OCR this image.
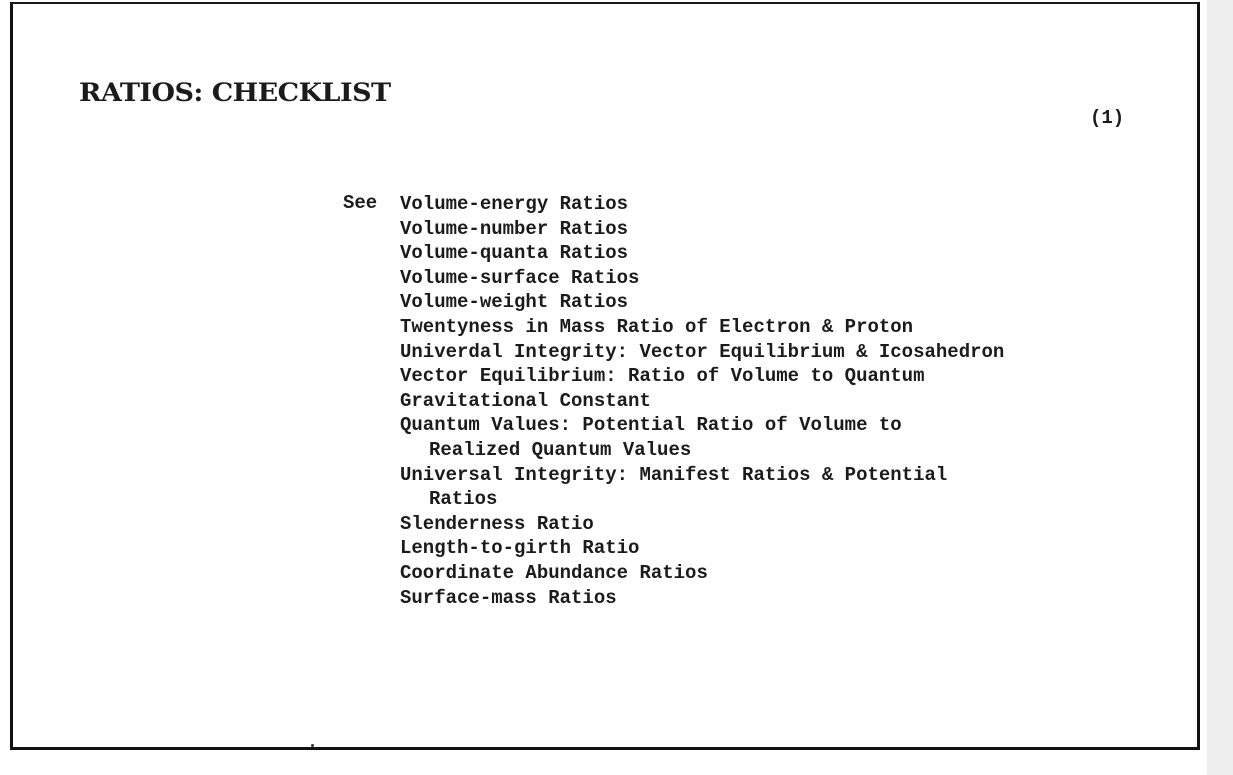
RATIOS: CHECKLIST
(1)
See Volume-energy Ratios
Volume-number Ratios
Volume-quanta Ratios
Volume-surface Ratios
Volume-weight Ratios
Twentyness in Mass Ratio of Electron & Proton
Univerdal Integrity: Vector Equilibrium & Icosahedron
Vector Equilibrium: Ratio of Volume to Quantum
Gravitational Constant
Quantum Values: Potential Ratio of Volume to
Realized Quantum Values
Universal Integrity: Manifest Ratios & Potential
Ratios
Slenderness Ratio
Length-to-girth Ratio
Coordinate Abundance Ratios
Surface-mass Ratios
